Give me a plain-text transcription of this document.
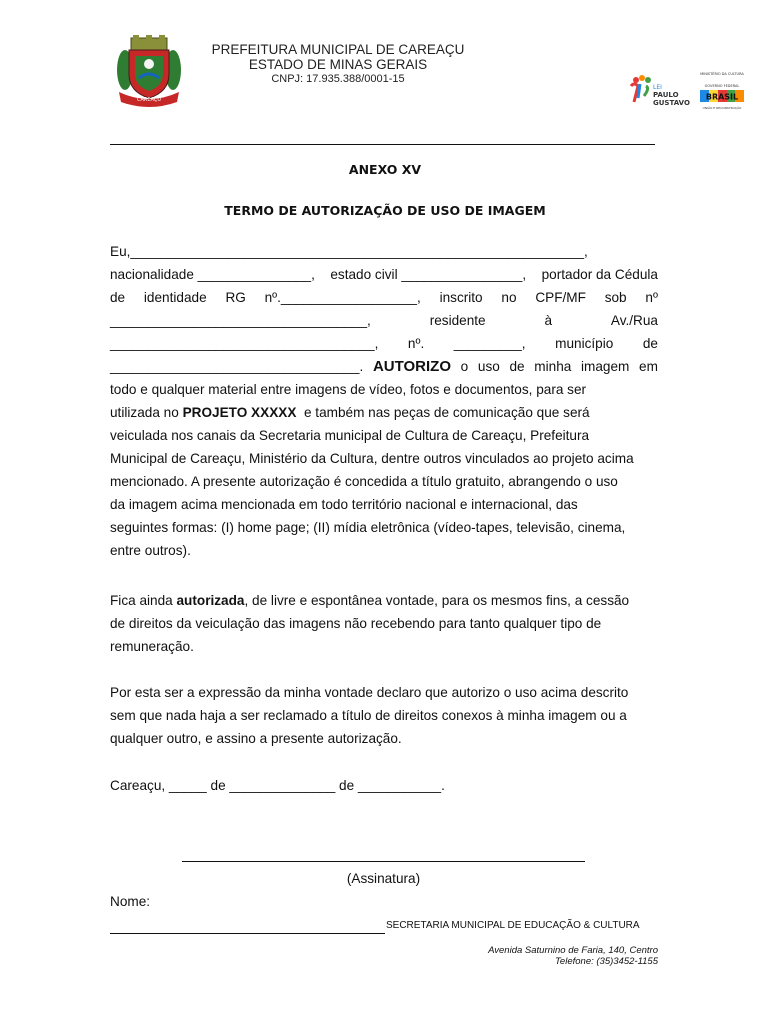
CAREAÇU
PREFEITURA MUNICIPAL DE CAREAÇU
ESTADO DE MINAS GERAIS
CNPJ: 17.935.388/0001-15
LEI
PAULO
GUSTAVO
MINISTÉRIO DA CULTURA
GOVERNO FEDERAL
BRASIL
UNIÃO E RECONSTRUÇÃO
ANEXO XV
TERMO DE AUTORIZAÇÃO DE USO DE IMAGEM
Eu,____________________________________________________________,
nacionalidade _______________, estado civil ________________, portador da Cédula
de identidade RG nº.__________________, inscrito no CPF/MF sob nº
__________________________________,	residente	à	Av./Rua
___________________________________, nº. _________, município de
_________________________________. AUTORIZO o uso de minha imagem em
todo e qualquer material entre imagens de vídeo, fotos e documentos, para ser
utilizada no PROJETO XXXXX e também nas peças de comunicação que será
veiculada nos canais da Secretaria municipal de Cultura de Careaçu, Prefeitura
Municipal de Careaçu, Ministério da Cultura, dentre outros vinculados ao projeto acima
mencionado. A presente autorização é concedida a título gratuito, abrangendo o uso
da imagem acima mencionada em todo território nacional e internacional, das
seguintes formas: (I) home page; (II) mídia eletrônica (vídeo-tapes, televisão, cinema,
entre outros).
Fica ainda autorizada, de livre e espontânea vontade, para os mesmos fins, a cessão
de direitos da veiculação das imagens não recebendo para tanto qualquer tipo de
remuneração.
Por esta ser a expressão da minha vontade declaro que autorizo o uso acima descrito
sem que nada haja a ser reclamado a título de direitos conexos à minha imagem ou a
qualquer outro, e assino a presente autorização.
Careaçu, _____ de ______________ de ___________.
(Assinatura)
Nome:
SECRETARIA MUNICIPAL DE EDUCAÇÃO & CULTURA
Avenida Saturnino de Faria, 140, Centro
Telefone: (35)3452-1155
